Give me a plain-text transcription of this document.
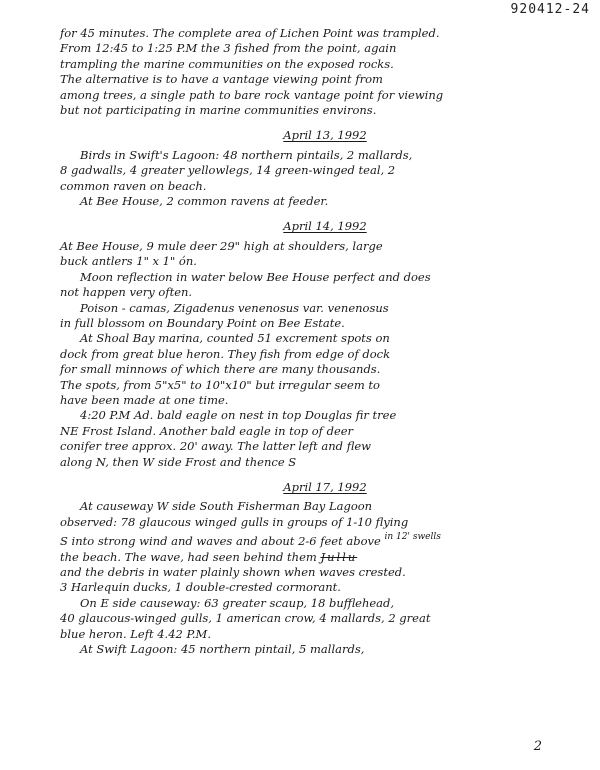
920412-24
for 45 minutes. The complete area of Lichen Point was trampled.
From 12:45 to 1:25 P.M the 3 fished from the point, again
trampling the marine communities on the exposed rocks.
The alternative is to have a vantage viewing point from
among trees, a single path to bare rock vantage point for viewing
but not participating in marine communities environs.
April 13, 1992
Birds in Swift's Lagoon: 48 northern pintails, 2 mallards,
8 gadwalls, 4 greater yellowlegs, 14 green-winged teal, 2
common raven on beach.
At Bee House, 2 common ravens at feeder.
April 14, 1992
At Bee House, 9 mule deer 29" high at shoulders, large
buck antlers 1" x 1" ón.
Moon reflection in water below Bee House perfect and does
not happen very often.
Poison - camas, Zigadenus venenosus var. venenosus
in full blossom on Boundary Point on Bee Estate.
At Shoal Bay marina, counted 51 excrement spots on
dock from great blue heron. They fish from edge of dock
for small minnows of which there are many thousands.
The spots, from 5"x5" to 10"x10" but irregular seem to
have been made at one time.
4:20 P.M Ad. bald eagle on nest in top Douglas fir tree
NE Frost Island. Another bald eagle in top of deer
conifer tree approx. 20' away. The latter left and flew
along N, then W side Frost and thence S
April 17, 1992
At causeway W side South Fisherman Bay Lagoon
observed: 78 glaucous winged gulls in groups of 1-10 flying
S into strong wind and waves and about 2-6 feet above $^{in 12' swells}$
the beach. The wave, had seen behind them Jullu
and the debris in water plainly shown when waves crested.
3 Harlequin ducks, 1 double-crested cormorant.
On E side causeway: 63 greater scaup, 18 bufflehead,
40 glaucous-winged gulls, 1 american crow, 4 mallards, 2 great
blue heron. Left 4.42 P.M.
At Swift Lagoon: 45 northern pintail, 5 mallards,
2
